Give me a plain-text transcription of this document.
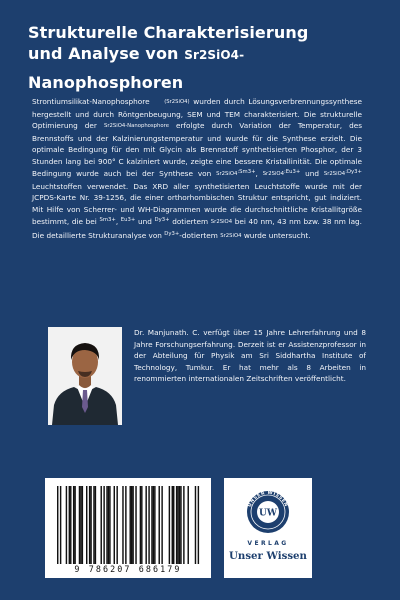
Strukturelle Charakterisierung
und Analyse von Sr2SiO4-
Nanophosphoren

Strontiumsilikat-Nanophosphore  	(Sr2SiO4) wurden durch Lösungsverbrennungssynthese hergestellt und durch Röntgenbeugung, SEM und TEM charakterisiert. Die strukturelle Optimierung der Sr2SiO4-Nanophosphore erfolgte durch Variation der Temperatur, des Brennstoffs und der Kalzinierungstemperatur und wurde für die Synthese erzielt. Die optimale Bedingung für den mit Glycin als Brennstoff synthetisierten Phosphor, der 3 Stunden lang bei 900° C kalziniert wurde, zeigte eine bessere Kristallinität. Die optimale Bedingung wurde auch bei der Synthese von $Sr2SiO4^{:Sm3+}$, $Sr2SiO4^{:Eu3+}$ und $Sr2SiO4^{:Dy3+}$ Leuchtstoffen verwendet. Das XRD aller synthetisierten Leuchtstoffe wurde mit der JCPDS-Karte Nr. 39-1256, die einer orthorhombischen Struktur entspricht, gut indiziert. Mit Hilfe von Scherrer- und WH-Diagrammen wurde die durchschnittliche Kristallitgröße bestimmt, die bei $^{Sm3+}$, $^{Eu3+}$ und $^{Dy3+}$ dotiertem Sr2SiO4 bei 40 nm, 43 nm bzw. 38 nm lag. Die detaillierte Strukturanalyse von $^{Dy3+}$-dotiertem Sr2SiO4 wurde untersucht.

Dr. Manjunath. C. verfügt über 15 Jahre Lehrerfahrung und 8 Jahre Forschungserfahrung. Derzeit ist er Assistenzprofessor in der Abteilung für Physik am Sri Siddhartha Institute of Technology, Tumkur. Er hat mehr als 8 Arbeiten in renommierten internationalen Zeitschriften veröffentlicht.

9 786207 686179
UNSER WISSEN
UW
VERLAG
Unser Wissen
